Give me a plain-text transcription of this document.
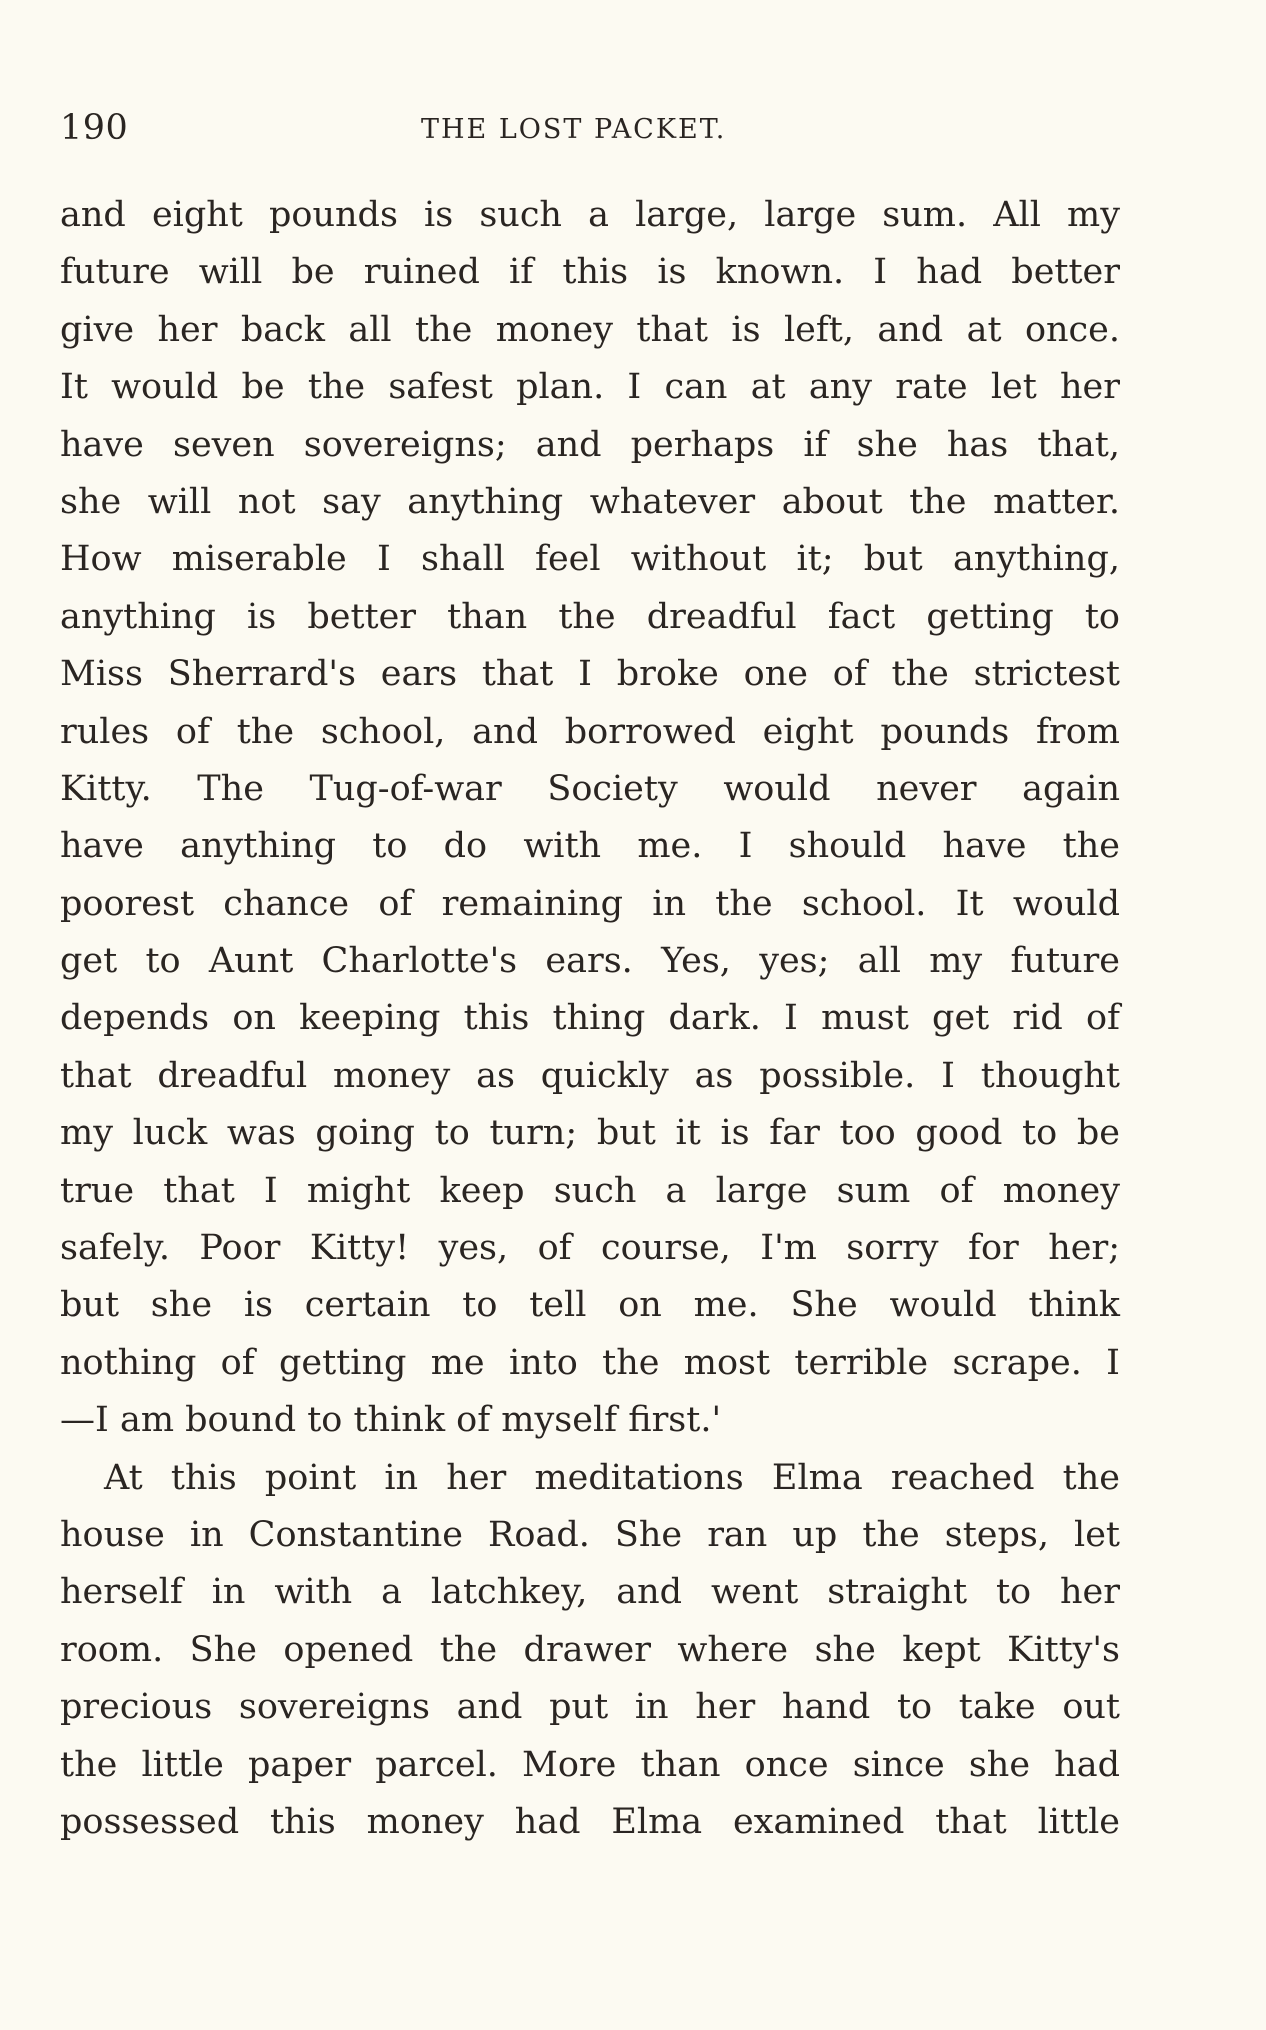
190	THE LOST PACKET.
and eight pounds is such a large, large sum. All my
future will be ruined if this is known. I had better
give her back all the money that is left, and at once.
It would be the safest plan. I can at any rate let her
have seven sovereigns; and perhaps if she has that,
she will not say anything whatever about the matter.
How miserable I shall feel without it; but anything,
anything is better than the dreadful fact getting to
Miss Sherrard's ears that I broke one of the strictest
rules of the school, and borrowed eight pounds from
Kitty. The Tug-of-war Society would never again
have anything to do with me. I should have the
poorest chance of remaining in the school. It would
get to Aunt Charlotte's ears. Yes, yes; all my future
depends on keeping this thing dark. I must get rid of
that dreadful money as quickly as possible. I thought
my luck was going to turn; but it is far too good to be
true that I might keep such a large sum of money
safely. Poor Kitty! yes, of course, I'm sorry for her;
but she is certain to tell on me. She would think
nothing of getting me into the most terrible scrape. I
—I am bound to think of myself first.'
At this point in her meditations Elma reached the
house in Constantine Road. She ran up the steps, let
herself in with a latchkey, and went straight to her
room. She opened the drawer where she kept Kitty's
precious sovereigns and put in her hand to take out
the little paper parcel. More than once since she had
possessed this money had Elma examined that little
